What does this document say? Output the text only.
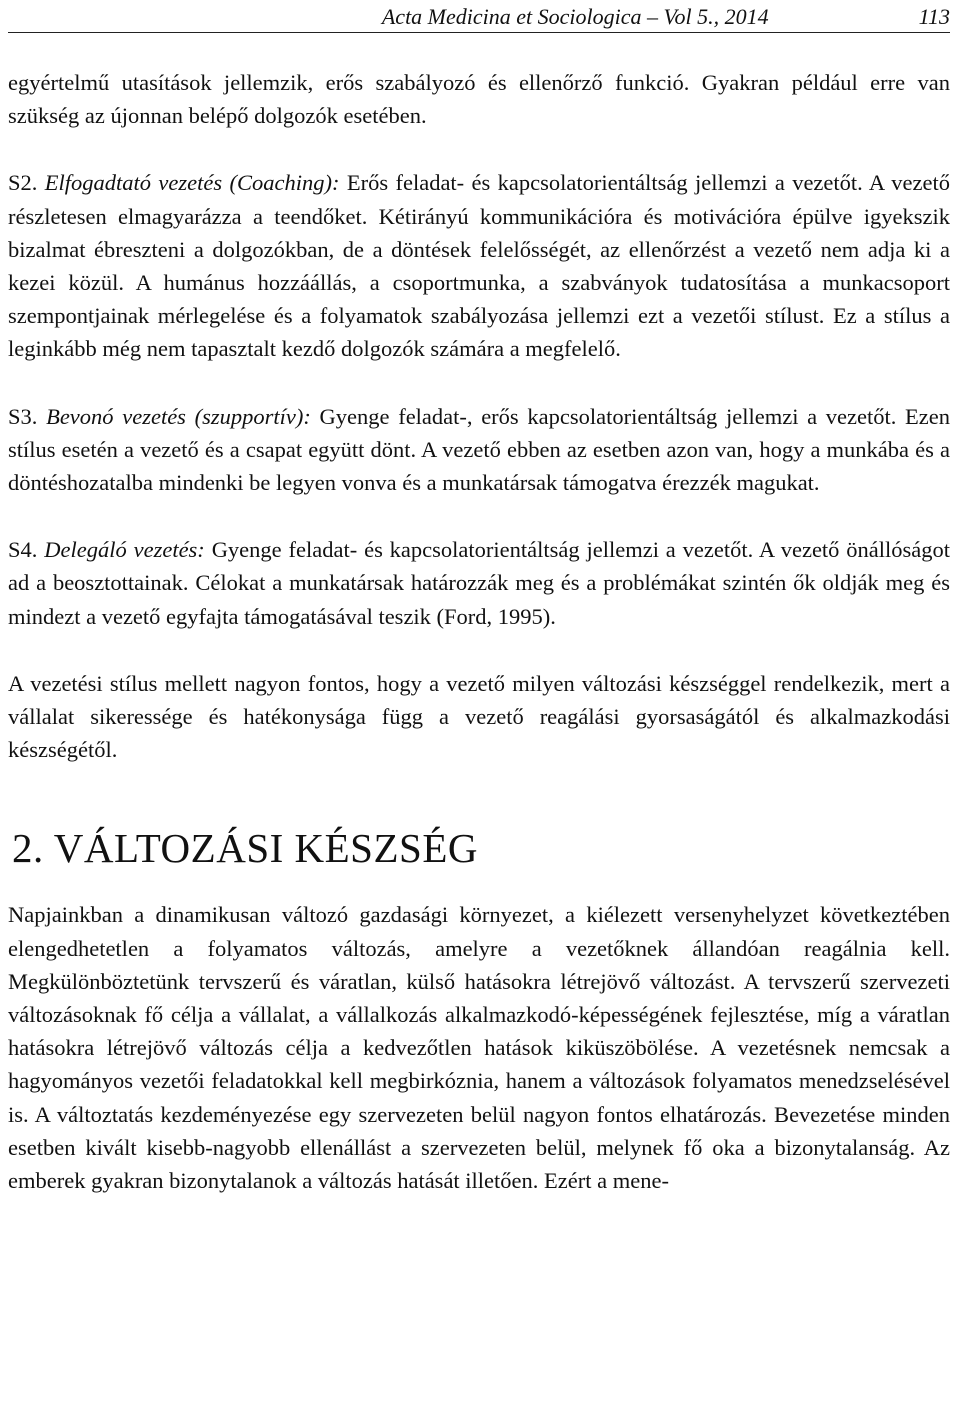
Acta Medicina et Sociologica – Vol 5., 2014	113

egyértelmű utasítások jellemzik, erős szabályozó és ellenőrző funkció. Gyakran például erre van szükség az újonnan belépő dolgozók esetében.

S2. Elfogadtató vezetés (Coaching): Erős feladat- és kapcsolatorientáltság jellemzi a vezetőt. A vezető részletesen elmagyarázza a teendőket. Kétirányú kommunikációra és motivációra épülve igyekszik bizalmat ébreszteni a dolgozókban, de a döntések felelősségét, az ellenőrzést a vezető nem adja ki a kezei közül. A humánus hozzáállás, a csoportmunka, a szabványok tudatosítása a munkacsoport szempontjainak mérlegelése és a folyamatok szabályozása jellemzi ezt a vezetői stílust. Ez a stílus a leginkább még nem tapasztalt kezdő dolgozók számára a megfelelő.

S3. Bevonó vezetés (szupportív): Gyenge feladat-, erős kapcsolatorientáltság jellemzi a vezetőt. Ezen stílus esetén a vezető és a csapat együtt dönt. A vezető ebben az esetben azon van, hogy a munkába és a döntéshozatalba mindenki be legyen vonva és a munkatársak támogatva érezzék magukat.

S4. Delegáló vezetés: Gyenge feladat- és kapcsolatorientáltság jellemzi a vezetőt. A vezető önállóságot ad a beosztottainak. Célokat a munkatársak határozzák meg és a problémákat szintén ők oldják meg és mindezt a vezető egyfajta támogatásával teszik (Ford, 1995).

A vezetési stílus mellett nagyon fontos, hogy a vezető milyen változási készséggel rendelkezik, mert a vállalat sikeressége és hatékonysága függ a vezető reagálási gyorsaságától és alkalmazkodási készségétől.

2. VÁLTOZÁSI KÉSZSÉG

Napjainkban a dinamikusan változó gazdasági környezet, a kiélezett versenyhelyzet következtében elengedhetetlen a folyamatos változás, amelyre a vezetőknek állandóan reagálnia kell. Megkülönböztetünk tervszerű és váratlan, külső hatásokra létrejövő változást. A tervszerű szervezeti változásoknak fő célja a vállalat, a vállalkozás alkalmazkodó-képességének fejlesztése, míg a váratlan hatásokra létrejövő változás célja a kedvezőtlen hatások kiküszöbölése. A vezetésnek nemcsak a hagyományos vezetői feladatokkal kell megbirkóznia, hanem a változások folyamatos menedzselésével is. A változtatás kezdeményezése egy szervezeten belül nagyon fontos elhatározás. Bevezetése minden esetben kivált kisebb-nagyobb ellenállást a szervezeten belül, melynek fő oka a bizonytalanság. Az emberek gyakran bizonytalanok a változás hatását illetően. Ezért a mene-
